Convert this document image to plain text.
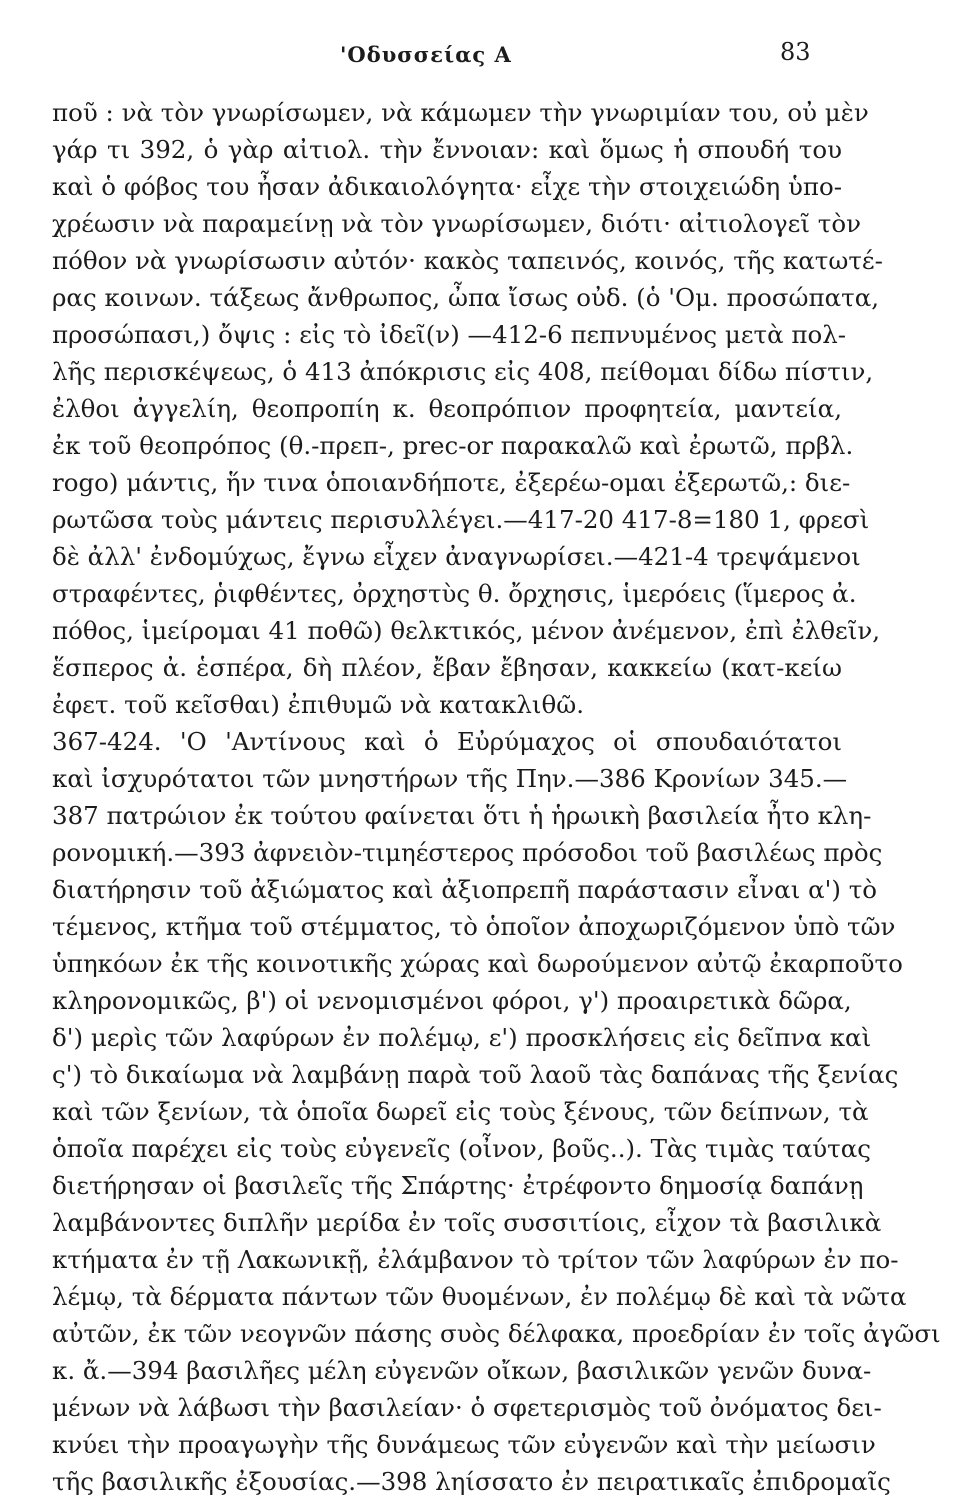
'Οδυσσείας Α	83
ποῦ : νὰ τὸν γνωρίσωμεν, νὰ κάμωμεν τὴν γνωριμίαν του, οὐ μὲν
γάρ τι 392, ὁ γὰρ αἰτιολ. τὴν ἔννοιαν: καὶ ὅμως ἡ σπουδή του
καὶ ὁ φόβος του ἦσαν ἀδικαιολόγητα· εἶχε τὴν στοιχειώδη ὑπο-
χρέωσιν νὰ παραμείνῃ νὰ τὸν γνωρίσωμεν, διότι· αἰτιολογεῖ τὸν
πόθον νὰ γνωρίσωσιν αὐτόν· κακὸς ταπεινός, κοινός, τῆς κατωτέ-
ρας κοινων. τάξεως ἄνθρωπος, ὦπα ἴσως οὐδ. (ὁ 'Ομ. προσώπατα,
προσώπασι,) ὄψις : εἰς τὸ ἰδεῖ(ν) —412-6 πεπνυμένος μετὰ πολ-
λῆς περισκέψεως, ὁ 413 ἀπόκρισις εἰς 408, πείθομαι δίδω πίστιν,
ἐλθοι ἀγγελίη, θεοπροπίη κ. θεοπρόπιον προφητεία, μαντεία,
ἐκ τοῦ θεοπρόπος (θ.-πρεπ-, prec-or παρακαλῶ καὶ ἐρωτῶ, πρβλ.
rogo) μάντις, ἥν τινα ὁποιανδήποτε, ἐξερέω-ομαι ἐξερωτῶ,: διε-
ρωτῶσα τοὺς μάντεις περισυλλέγει.—417-20 417-8=180 1, φρεσὶ
δὲ ἀλλ' ἐνδομύχως, ἔγνω εἶχεν ἀναγνωρίσει.—421-4 τρεψάμενοι
στραφέντες, ῥιφθέντες, ὀρχηστὺς θ. ὄρχησις, ἱμερόεις (ἵμερος ἀ.
πόθος, ἱμείρομαι 41 ποθῶ) θελκτικός, μένον ἀνέμενον, ἐπὶ ἐλθεῖν,
ἕσπερος ἀ. ἑσπέρα, δὴ πλέον, ἔβαν ἔβησαν, κακκείω (κατ-κείω
ἐφετ. τοῦ κεῖσθαι) ἐπιθυμῶ νὰ κατακλιθῶ.
367-424. 'Ο 'Αντίνους καὶ ὁ Εὐρύμαχος οἱ σπουδαιότατοι
καὶ ἰσχυρότατοι τῶν μνηστήρων τῆς Πην.—386 Κρονίων 345.—
387 πατρώιον ἐκ τούτου φαίνεται ὅτι ἡ ἡρωικὴ βασιλεία ἦτο κλη-
ρονομική.—393 ἀφνειὸν-τιμηέστερος πρόσοδοι τοῦ βασιλέως πρὸς
διατήρησιν τοῦ ἀξιώματος καὶ ἀξιοπρεπῆ παράστασιν εἶναι α') τὸ
τέμενος, κτῆμα τοῦ στέμματος, τὸ ὁποῖον ἀποχωριζόμενον ὑπὸ τῶν
ὑπηκόων ἐκ τῆς κοινοτικῆς χώρας καὶ δωρούμενον αὐτῷ ἐκαρποῦτο
κληρονομικῶς, β') οἱ νενομισμένοι φόροι, γ') προαιρετικὰ δῶρα,
δ') μερὶς τῶν λαφύρων ἐν πολέμῳ, ε') προσκλήσεις εἰς δεῖπνα καὶ
ς') τὸ δικαίωμα νὰ λαμβάνῃ παρὰ τοῦ λαοῦ τὰς δαπάνας τῆς ξενίας
καὶ τῶν ξενίων, τὰ ὁποῖα δωρεῖ εἰς τοὺς ξένους, τῶν δείπνων, τὰ
ὁποῖα παρέχει εἰς τοὺς εὐγενεῖς (οἶνον, βοῦς..). Τὰς τιμὰς ταύτας
διετήρησαν οἱ βασιλεῖς τῆς Σπάρτης· ἐτρέφοντο δημοσίᾳ δαπάνῃ
λαμβάνοντες διπλῆν μερίδα ἐν τοῖς συσσιτίοις, εἶχον τὰ βασιλικὰ
κτήματα ἐν τῇ Λακωνικῇ, ἐλάμβανον τὸ τρίτον τῶν λαφύρων ἐν πο-
λέμῳ, τὰ δέρματα πάντων τῶν θυομένων, ἐν πολέμῳ δὲ καὶ τὰ νῶτα
αὐτῶν, ἐκ τῶν νεογνῶν πάσης συὸς δέλφακα, προεδρίαν ἐν τοῖς ἀγῶσι
κ. ἄ.—394 βασιλῆες μέλη εὐγενῶν οἴκων, βασιλικῶν γενῶν δυνα-
μένων νὰ λάβωσι τὴν βασιλείαν· ὁ σφετερισμὸς τοῦ ὀνόματος δει-
κνύει τὴν προαγωγὴν τῆς δυνάμεως τῶν εὐγενῶν καὶ τὴν μείωσιν
τῆς βασιλικῆς ἐξουσίας.—398 ληίσσατο ἐν πειρατικαῖς ἐπιδρομαῖς
